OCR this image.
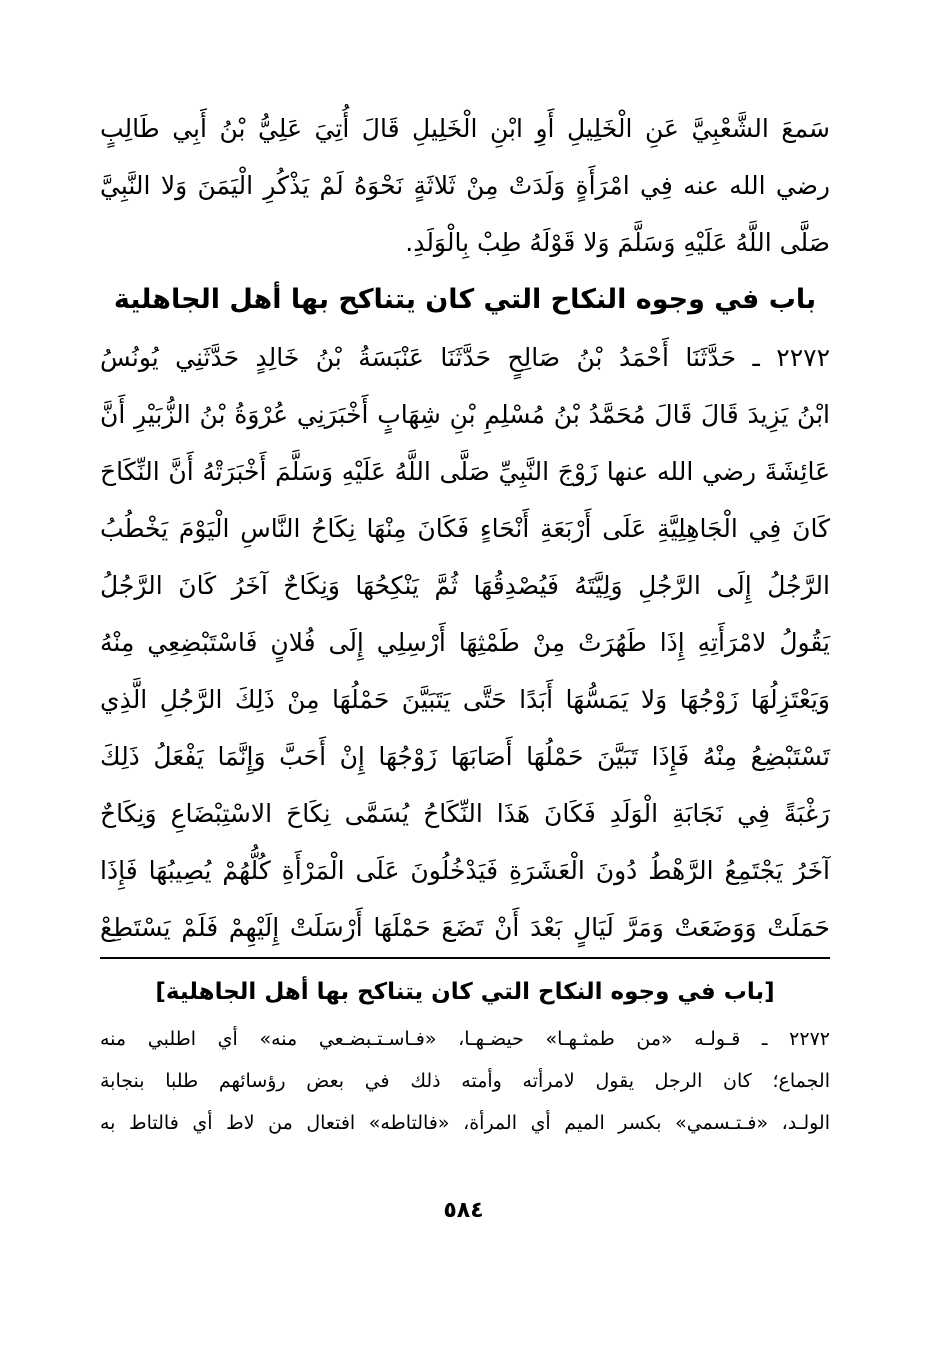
سَمعَ الشَّعْبِيَّ عَنِ الْخَلِيلِ أَوِ ابْنِ الْخَلِيلِ قَالَ أُتِيَ عَلِيُّ بْنُ أَبِي طَالِبٍ
رضي الله عنه فِي امْرَأَةٍ وَلَدَتْ مِنْ ثَلاثَةٍ نَحْوَهُ لَمْ يَذْكُرِ الْيَمَنَ وَلا النَّبِيَّ
صَلَّى اللَّهُ عَلَيْهِ وَسَلَّمَ وَلا قَوْلَهُ طِبْ بِالْوَلَدِ.
باب في وجوه النكاح التي كان يتناكح بها أهل الجاهلية
٢٢٧٢ ـ حَدَّثَنَا أَحْمَدُ بْنُ صَالِحٍ حَدَّثَنَا عَنْبَسَةُ بْنُ خَالِدٍ حَدَّثَنِي يُونُسُ
ابْنُ يَزِيدَ قَالَ قَالَ مُحَمَّدُ بْنُ مُسْلِمِ بْنِ شِهَابٍ أَخْبَرَنِي عُرْوَةُ بْنُ الزُّبَيْرِ أَنَّ
عَائِشَةَ رضي الله عنها زَوْجَ النَّبِيِّ صَلَّى اللَّهُ عَلَيْهِ وَسَلَّمَ أَخْبَرَتْهُ أَنَّ النِّكَاحَ
كَانَ فِي الْجَاهِلِيَّةِ عَلَى أَرْبَعَةِ أَنْحَاءٍ فَكَانَ مِنْهَا نِكَاحُ النَّاسِ الْيَوْمَ يَخْطُبُ
الرَّجُلُ إِلَى الرَّجُلِ وَلِيَّتَهُ فَيُصْدِقُهَا ثُمَّ يَنْكِحُهَا وَنِكَاحٌ آخَرُ كَانَ الرَّجُلُ
يَقُولُ لامْرَأَتِهِ إِذَا طَهُرَتْ مِنْ طَمْثِهَا أَرْسِلِي إِلَى فُلانٍ فَاسْتَبْضِعِي مِنْهُ
وَيَعْتَزِلُهَا زَوْجُهَا وَلا يَمَسُّهَا أَبَدًا حَتَّى يَتَبَيَّنَ حَمْلُهَا مِنْ ذَلِكَ الرَّجُلِ الَّذِي
تَسْتَبْضِعُ مِنْهُ فَإِذَا تَبَيَّنَ حَمْلُهَا أَصَابَهَا زَوْجُهَا إِنْ أَحَبَّ وَإِنَّمَا يَفْعَلُ ذَلِكَ
رَغْبَةً فِي نَجَابَةِ الْوَلَدِ فَكَانَ هَذَا النِّكَاحُ يُسَمَّى نِكَاحَ الاسْتِبْضَاعِ وَنِكَاحٌ
آخَرُ يَجْتَمِعُ الرَّهْطُ دُونَ الْعَشَرَةِ فَيَدْخُلُونَ عَلَى الْمَرْأَةِ كُلُّهُمْ يُصِيبُهَا فَإِذَا
حَمَلَتْ وَوَضَعَتْ وَمَرَّ لَيَالٍ بَعْدَ أَنْ تَضَعَ حَمْلَهَا أَرْسَلَتْ إِلَيْهِمْ فَلَمْ يَسْتَطِعْ
[باب في وجوه النكاح التي كان يتناكح بها أهل الجاهلية]
٢٢٧٢ ـ قـولـه «من طمثـهـا» حيضـهـا، «فـاسـتـبضـعي منه» أي اطلبي منه
الجماع؛ كان الرجل يقول لامرأته وأمته ذلك في بعض رؤسائهم طلبا بنجابة
الولـد، «فـتـسمي» بكسر الميم أي المرأة، «فالتاطه» افتعال من لاط أي فالتاط به
٥٨٤
